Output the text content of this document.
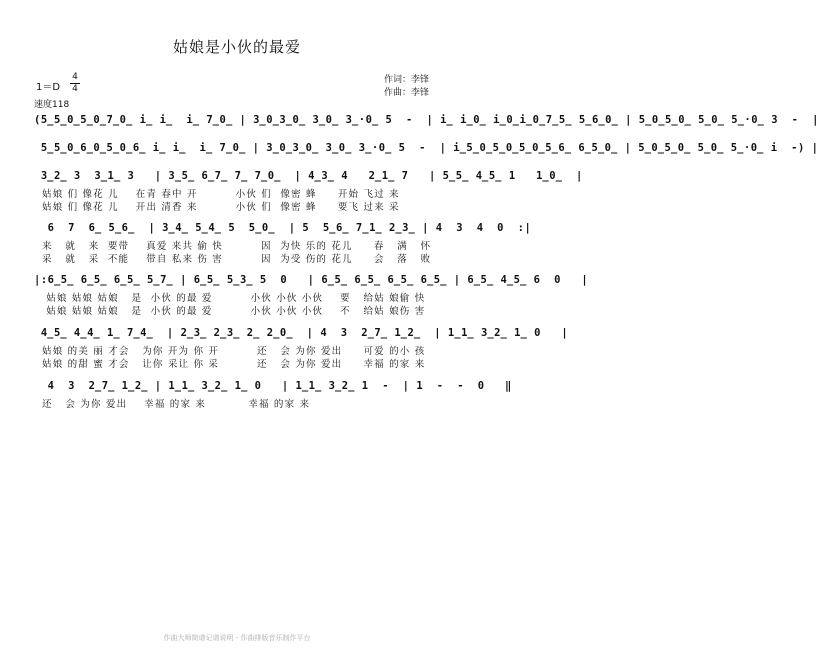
姑娘是小伙的最爱
1＝D
4
4
速度118
作词：李锋
作曲：李锋
(5̲5̲0̲5̲0̲7̲0̲ i̲ i̲  i̲ 7̲0̲ | 3̲0̲3̲0̲ 3̲0̲ 3̲·0̲ 5  -  | i̲ i̲0̲ i̲0̲i̲0̲7̲5̲ 5̲6̲0̲ | 5̲0̲5̲0̲ 5̲0̲ 5̲·0̲ 3  -  |
5̲5̲0̲6̲0̲5̲0̲6̲ i̲ i̲  i̲ 7̲0̲ | 3̲0̲3̲0̲ 3̲0̲ 3̲·0̲ 5  -  | i̲5̲0̲5̲0̲5̲0̲5̲6̲ 6̲5̲0̲ | 5̲0̲5̲0̲ 5̲0̲ 5̲·0̲ i  -) |
3̲2̲ 3  3̲1̲ 3   | 3̲5̲ 6̲7̲ 7̲ 7̲0̲  | 4̲3̲ 4   2̲1̲ 7   | 5̲5̲ 4̲5̲ 1   1̲0̲  |
姑娘 们 像花 儿    在青 春中 开         小伙 们  像密 蜂     开始 飞过 来
姑娘 们 像花 儿    开出 清香 来         小伙 们  像密 蜂     要飞 过来 采
6  7  6̲ 5̲6̲  | 3̲4̲ 5̲4̲ 5  5̲0̲  | 5  5̲6̲ 7̲1̲ 2̲3̲ | 4  3  4  0  :|
来   就   来  要带    真爱 来共 偷 快         因  为快 乐的 花儿     春   满   怀
采   就   采  不能    带自 私来 伤 害         因  为受 伤的 花儿     会   落   败
|:6̲5̲ 6̲5̲ 6̲5̲ 5̲7̲ | 6̲5̲ 5̲3̲ 5  0   | 6̲5̲ 6̲5̲ 6̲5̲ 6̲5̲ | 6̲5̲ 4̲5̲ 6  0   |
姑娘 姑娘 姑娘   是  小伙 的最 爱         小伙 小伙 小伙    要   给姑 娘偷 快
姑娘 姑娘 姑娘   是  小伙 的最 爱         小伙 小伙 小伙    不   给姑 娘伤 害
4̲5̲ 4̲4̲ 1̲ 7̲4̲  | 2̲3̲ 2̲3̲ 2̲ 2̲0̲  | 4  3  2̲7̲ 1̲2̲  | 1̲1̲ 3̲2̲ 1̲ 0   |
姑娘 的美 丽 才会   为你 开为 你 开         还   会 为你 爱出     可爱 的小 孩
姑娘 的甜 蜜 才会   让你 采让 你 采         还   会 为你 爱出     幸福 的家 来
4  3  2̲7̲ 1̲2̲ | 1̲1̲ 3̲2̲ 1̲ 0   | 1̲1̲ 3̲2̲ 1  -  | 1  -  -  0   ‖
还   会 为你 爱出    幸福 的家 来          幸福 的家 来
作曲大师简谱记谱说明 - 作曲排版音乐制作平台
